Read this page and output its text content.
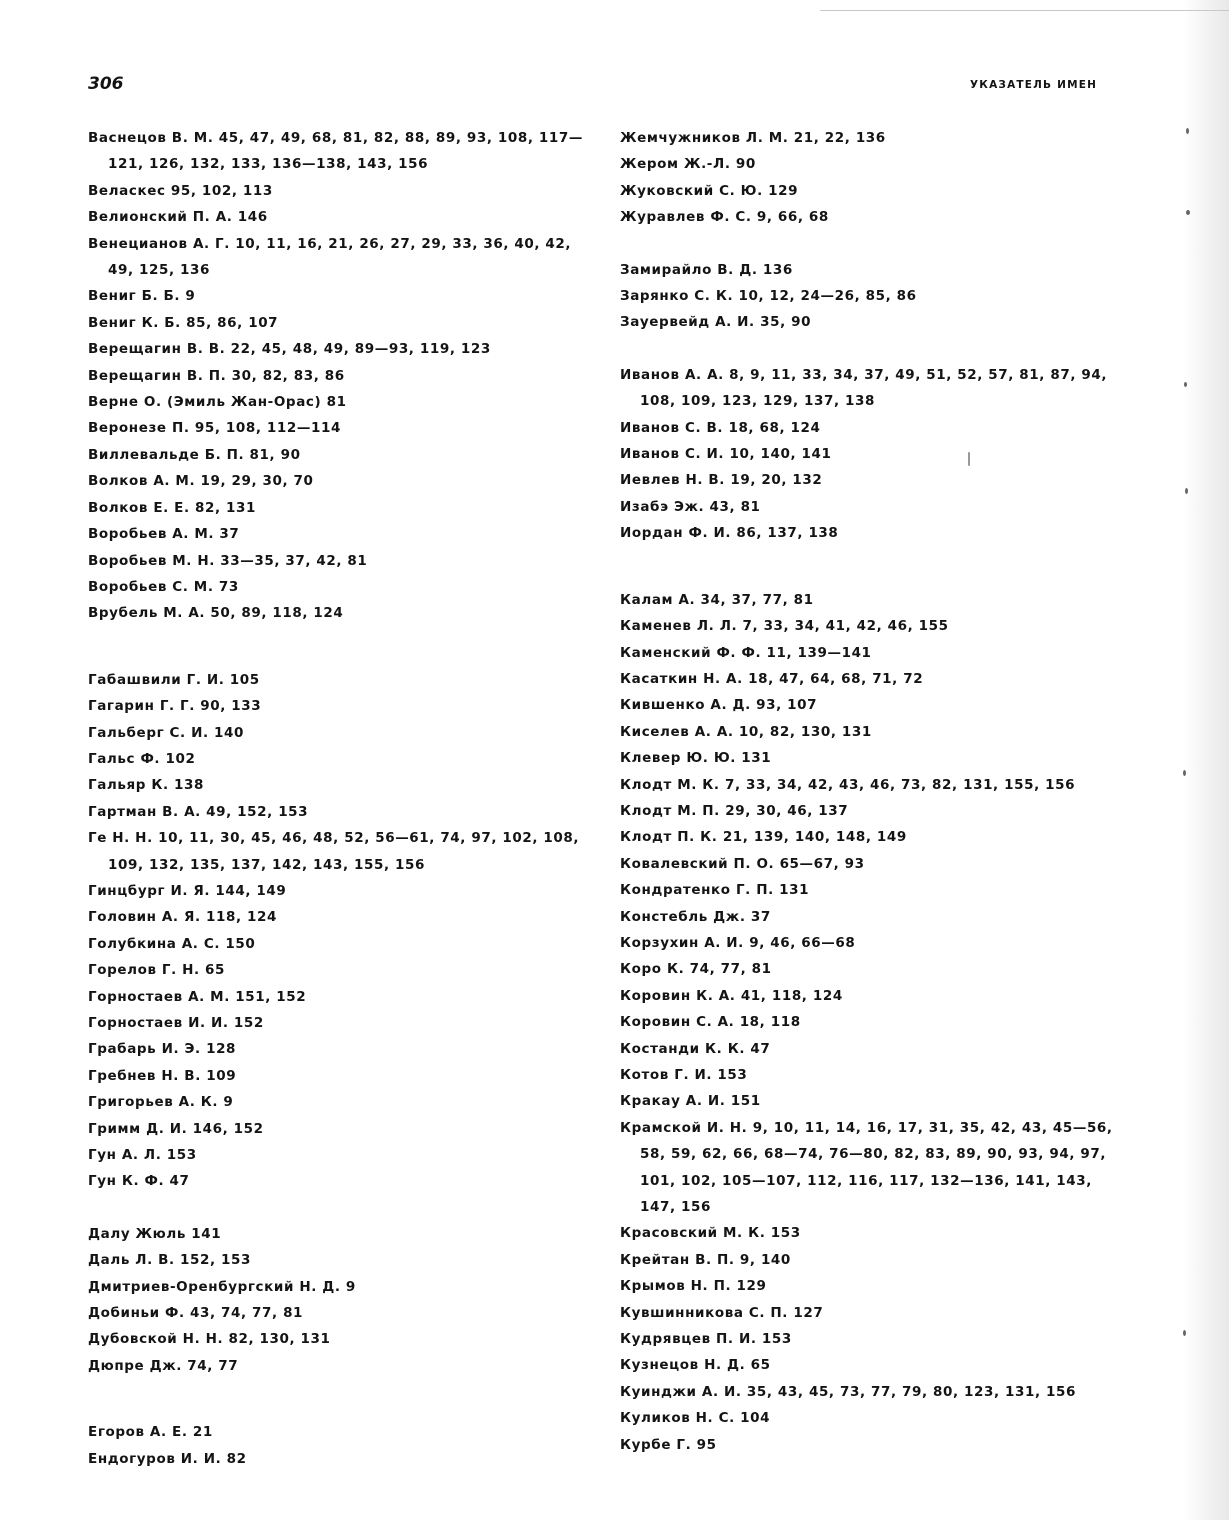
306	УКАЗАТЕЛЬ ИМЕН
Васнецов В. М. 45, 47, 49, 68, 81, 82, 88, 89, 93, 108, 117—121, 126, 132, 133, 136—138, 143, 156
Веласкес 95, 102, 113
Велионский П. А. 146
Венецианов А. Г. 10, 11, 16, 21, 26, 27, 29, 33, 36, 40, 42, 49, 125, 136
Вениг Б. Б. 9
Вениг К. Б. 85, 86, 107
Верещагин В. В. 22, 45, 48, 49, 89—93, 119, 123
Верещагин В. П. 30, 82, 83, 86
Верне О. (Эмиль Жан-Орас) 81
Веронезе П. 95, 108, 112—114
Виллевальде Б. П. 81, 90
Волков А. М. 19, 29, 30, 70
Волков Е. Е. 82, 131
Воробьев А. М. 37
Воробьев М. Н. 33—35, 37, 42, 81
Воробьев С. М. 73
Врубель М. А. 50, 89, 118, 124
Габашвили Г. И. 105
Гагарин Г. Г. 90, 133
Гальберг С. И. 140
Гальс Ф. 102
Гальяр К. 138
Гартман В. А. 49, 152, 153
Ге Н. Н. 10, 11, 30, 45, 46, 48, 52, 56—61, 74, 97, 102, 108, 109, 132, 135, 137, 142, 143, 155, 156
Гинцбург И. Я. 144, 149
Головин А. Я. 118, 124
Голубкина А. С. 150
Горелов Г. Н. 65
Горностаев А. М. 151, 152
Горностаев И. И. 152
Грабарь И. Э. 128
Гребнев Н. В. 109
Григорьев А. К. 9
Гримм Д. И. 146, 152
Гун А. Л. 153
Гун К. Ф. 47
Далу Жюль 141
Даль Л. В. 152, 153
Дмитриев-Оренбургский Н. Д. 9
Добиньи Ф. 43, 74, 77, 81
Дубовской Н. Н. 82, 130, 131
Дюпре Дж. 74, 77
Егоров А. Е. 21
Ендогуров И. И. 82
Жемчужников Л. М. 21, 22, 136
Жером Ж.-Л. 90
Жуковский С. Ю. 129
Журавлев Ф. С. 9, 66, 68
Замирайло В. Д. 136
Зарянко С. К. 10, 12, 24—26, 85, 86
Зауервейд А. И. 35, 90
Иванов А. А. 8, 9, 11, 33, 34, 37, 49, 51, 52, 57, 81, 87, 94, 108, 109, 123, 129, 137, 138
Иванов С. В. 18, 68, 124
Иванов С. И. 10, 140, 141
Иевлев Н. В. 19, 20, 132
Изабэ Эж. 43, 81
Иордан Ф. И. 86, 137, 138
Калам А. 34, 37, 77, 81
Каменев Л. Л. 7, 33, 34, 41, 42, 46, 155
Каменский Ф. Ф. 11, 139—141
Касаткин Н. А. 18, 47, 64, 68, 71, 72
Кившенко А. Д. 93, 107
Киселев А. А. 10, 82, 130, 131
Клевер Ю. Ю. 131
Клодт М. К. 7, 33, 34, 42, 43, 46, 73, 82, 131, 155, 156
Клодт М. П. 29, 30, 46, 137
Клодт П. К. 21, 139, 140, 148, 149
Ковалевский П. О. 65—67, 93
Кондратенко Г. П. 131
Констебль Дж. 37
Корзухин А. И. 9, 46, 66—68
Коро К. 74, 77, 81
Коровин К. А. 41, 118, 124
Коровин С. А. 18, 118
Костанди К. К. 47
Котов Г. И. 153
Кракау А. И. 151
Крамской И. Н. 9, 10, 11, 14, 16, 17, 31, 35, 42, 43, 45—56, 58, 59, 62, 66, 68—74, 76—80, 82, 83, 89, 90, 93, 94, 97, 101, 102, 105—107, 112, 116, 117, 132—136, 141, 143, 147, 156
Красовский М. К. 153
Крейтан В. П. 9, 140
Крымов Н. П. 129
Кувшинникова С. П. 127
Кудрявцев П. И. 153
Кузнецов Н. Д. 65
Куинджи А. И. 35, 43, 45, 73, 77, 79, 80, 123, 131, 156
Куликов Н. С. 104
Курбе Г. 95
